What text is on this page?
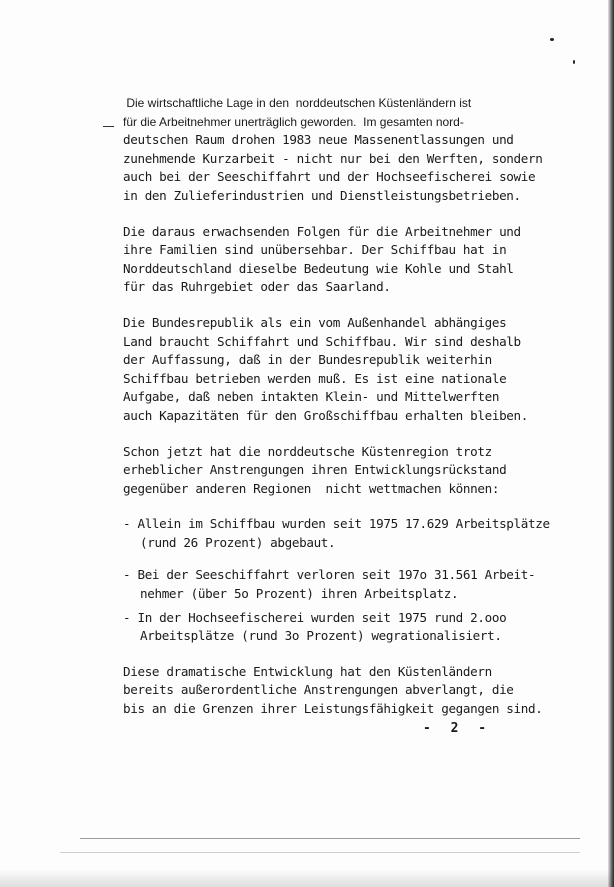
Die wirtschaftliche Lage in den  norddeutschen Küstenländern ist
für die Arbeitnehmer unerträglich geworden.  Im gesamten nord-
deutschen Raum drohen 1983 neue Massenentlassungen und
zunehmende Kurzarbeit - nicht nur bei den Werften, sondern
auch bei der Seeschiffahrt und der Hochseefischerei sowie
in den Zulieferindustrien und Dienstleistungsbetrieben.
Die daraus erwachsenden Folgen für die Arbeitnehmer und
ihre Familien sind unübersehbar. Der Schiffbau hat in
Norddeutschland dieselbe Bedeutung wie Kohle und Stahl
für das Ruhrgebiet oder das Saarland.
Die Bundesrepublik als ein vom Außenhandel abhängiges
Land braucht Schiffahrt und Schiffbau. Wir sind deshalb
der Auffassung, daß in der Bundesrepublik weiterhin
Schiffbau betrieben werden muß. Es ist eine nationale
Aufgabe, daß neben intakten Klein- und Mittelwerften
auch Kapazitäten für den Großschiffbau erhalten bleiben.
Schon jetzt hat die norddeutsche Küstenregion trotz
erheblicher Anstrengungen ihren Entwicklungsrückstand
gegenüber anderen Regionen  nicht wettmachen können:
- Allein im Schiffbau wurden seit 1975 17.629 Arbeitsplätze
(rund 26 Prozent) abgebaut.
- Bei der Seeschiffahrt verloren seit 197o 31.561 Arbeit-
nehmer (über 5o Prozent) ihren Arbeitsplatz.
- In der Hochseefischerei wurden seit 1975 rund 2.ooo
Arbeitsplätze (rund 3o Prozent) wegrationalisiert.
Diese dramatische Entwicklung hat den Küstenländern
bereits außerordentliche Anstrengungen abverlangt, die
bis an die Grenzen ihrer Leistungsfähigkeit gegangen sind.
- 2 -
